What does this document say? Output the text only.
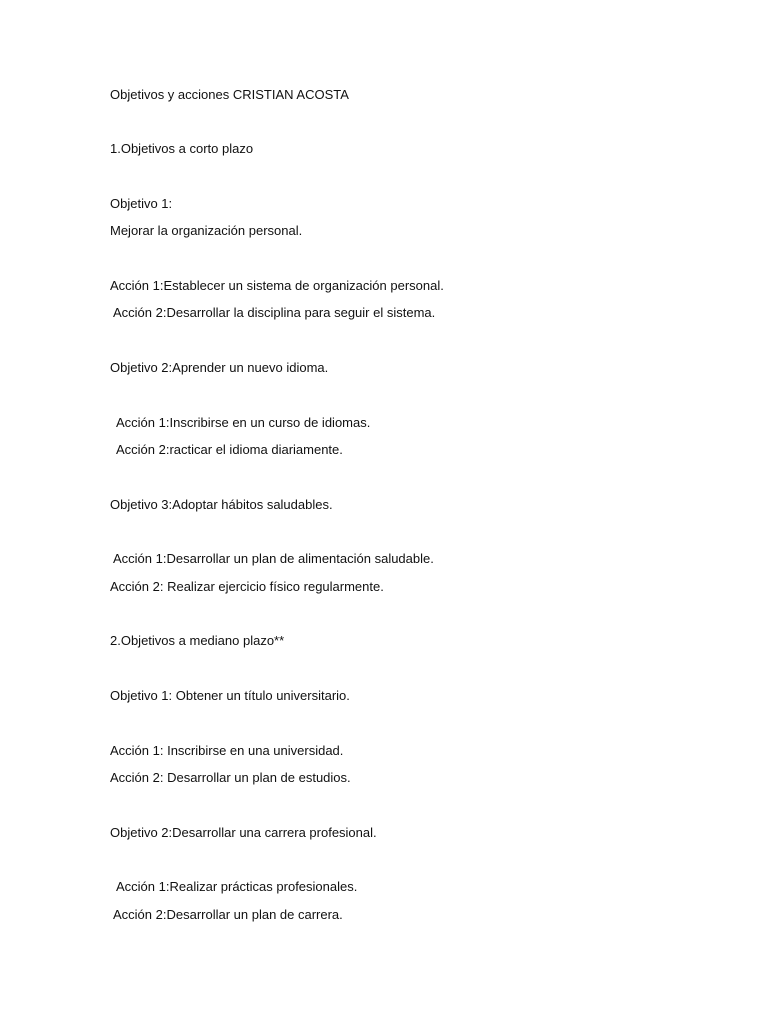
Objetivos y acciones CRISTIAN ACOSTA

1.Objetivos a corto plazo

Objetivo 1:

Mejorar la organización personal.

Acción 1:Establecer un sistema de organización personal.

Acción 2:Desarrollar la disciplina para seguir el sistema.

Objetivo 2:Aprender un nuevo idioma.

Acción 1:Inscribirse en un curso de idiomas.

Acción 2:racticar el idioma diariamente.

Objetivo 3:Adoptar hábitos saludables.

Acción 1:Desarrollar un plan de alimentación saludable.

Acción 2: Realizar ejercicio físico regularmente.

2.Objetivos a mediano plazo**

Objetivo 1: Obtener un título universitario.

Acción 1: Inscribirse en una universidad.

Acción 2: Desarrollar un plan de estudios.

Objetivo 2:Desarrollar una carrera profesional.

Acción 1:Realizar prácticas profesionales.

Acción 2:Desarrollar un plan de carrera.
